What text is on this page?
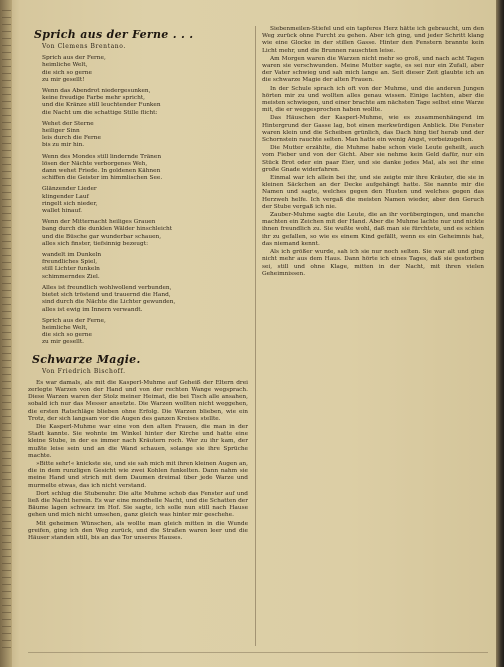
Sprich aus der Ferne . . .
Von Clemens Brentano.
Sprich aus der Ferne,
heimliche Welt,
die sich so gerne
zu mir gesellt!
Wenn das Abendrot niedergesunken,
keine freudige Farbe mehr spricht,
und die Kränze still leuchtender Funken
die Nacht um die schattige Stille flicht:
Wehet der Sterne
heiliger Sinn
leis durch die Ferne
bis zu mir hin.
Wenn des Mondes still lindernde Tränen
lösen der Nächte verborgenes Weh,
dann wehet Friede. In goldenen Kähnen
schiffen die Geister im himmlischen See.
Glänzender Lieder
klingender Lauf
ringelt sich nieder,
wallet hinauf.
Wenn der Mitternacht heiliges Grauen
bang durch die dunklen Wälder hinschleicht
und die Büsche gar wunderbar schauen,
alles sich finster, tiefsinnig bezeugt:
wandelt im Dunkeln
freundliches Spiel,
still Lichter funkeln
schimmerndes Ziel.
Alles ist freundlich wohlwollend verbunden,
bietet sich tröstend und trauernd die Hand,
sind durch die Nächte die Lichter gewunden,
alles ist ewig im Innern verwandt.
Sprich aus der Ferne,
heimliche Welt,
die sich so gerne
zu mir gesellt.
Schwarze Magie.
Von Friedrich Bischoff.

Es war damals, als mit die Kasperl-Muhme auf Geheiß der Eltern drei zerlegte Warzen von der Hand und von der rechten Wange wegsprach. Diese Warzen waren der Stolz meiner Heimat, die bei Tisch alle ansahen, sobald ich nur das Messer ansetzte. Die Warzen wollten nicht weggehen, die ersten Ratschläge blieben ohne Erfolg. Die Warzen blieben, wie ein Trotz, der sich langsam vor die Augen des ganzen Kreises stellte.

Die Kasperl-Muhme war eine von den alten Frauen, die man in der Stadt kannte. Sie wohnte im Winkel hinter der Kirche und hatte eine kleine Stube, in der es immer nach Kräutern roch. Wer zu ihr kam, der mußte leise sein und an die Wand schauen, solange sie ihre Sprüche machte.

»Bitte sehr!« knickste sie, und sie sah mich mit ihren kleinen Augen an, die in dem runzligen Gesicht wie zwei Kohlen funkelten. Dann nahm sie meine Hand und strich mit dem Daumen dreimal über jede Warze und murmelte etwas, das ich nicht verstand.

Dort schlug die Stubenuhr. Die alte Muhme schob das Fenster auf und ließ die Nacht herein. Es war eine mondhelle Nacht, und die Schatten der Bäume lagen schwarz im Hof. Sie sagte, ich solle nun still nach Hause gehen und mich nicht umsehen, ganz gleich was hinter mir geschehe.

Mit geheimen Wünschen, als wollte man gleich mitten in die Wunde greifen, ging ich den Weg zurück, und die Straßen waren leer und die Häuser standen still, bis an das Tor unseres Hauses.

Siebenmeilen-Stiefel und ein tapferes Herz hätte ich gebraucht, um den Weg zurück ohne Furcht zu gehen. Aber ich ging, und jeder Schritt klang wie eine Glocke in der stillen Gasse. Hinter den Fenstern brannte kein Licht mehr, und die Brunnen rauschten leise.

Am Morgen waren die Warzen nicht mehr so groß, und nach acht Tagen waren sie verschwunden. Meine Mutter sagte, es sei nur ein Zufall, aber der Vater schwieg und sah mich lange an. Seit dieser Zeit glaubte ich an die schwarze Magie der alten Frauen.

In der Schule sprach ich oft von der Muhme, und die anderen Jungen hörten mir zu und wollten alles genau wissen. Einige lachten, aber die meisten schwiegen, und einer brachte am nächsten Tage selbst eine Warze mit, die er weggesprochen haben wollte.

Das Häuschen der Kasperl-Muhme, wie es zusammenhängend im Hintergrund der Gasse lag, bot einen merkwürdigen Anblick. Die Fenster waren klein und die Scheiben grünlich, das Dach hing tief herab und der Schornstein rauchte selten. Man hatte ein wenig Angst, vorbeizugehen.

Die Mutter erzählte, die Muhme habe schon viele Leute geheilt, auch vom Fieber und von der Gicht. Aber sie nehme kein Geld dafür, nur ein Stück Brot oder ein paar Eier, und sie danke jedes Mal, als sei ihr eine große Gnade widerfahren.

Einmal war ich allein bei ihr, und sie zeigte mir ihre Kräuter, die sie in kleinen Säckchen an der Decke aufgehängt hatte. Sie nannte mir die Namen und sagte, welches gegen den Husten und welches gegen das Herzweh helfe. Ich vergaß die meisten Namen wieder, aber den Geruch der Stube vergaß ich nie.

Zauber-Muhme sagte die Leute, die an ihr vorübergingen, und manche machten ein Zeichen mit der Hand. Aber die Muhme lachte nur und nickte ihnen freundlich zu. Sie wußte wohl, daß man sie fürchtete, und es schien ihr zu gefallen, so wie es einem Kind gefällt, wenn es ein Geheimnis hat, das niemand kennt.

Als ich größer wurde, sah ich sie nur noch selten. Sie war alt und ging nicht mehr aus dem Haus. Dann hörte ich eines Tages, daß sie gestorben sei, still und ohne Klage, mitten in der Nacht, mit ihren vielen Geheimnissen.
